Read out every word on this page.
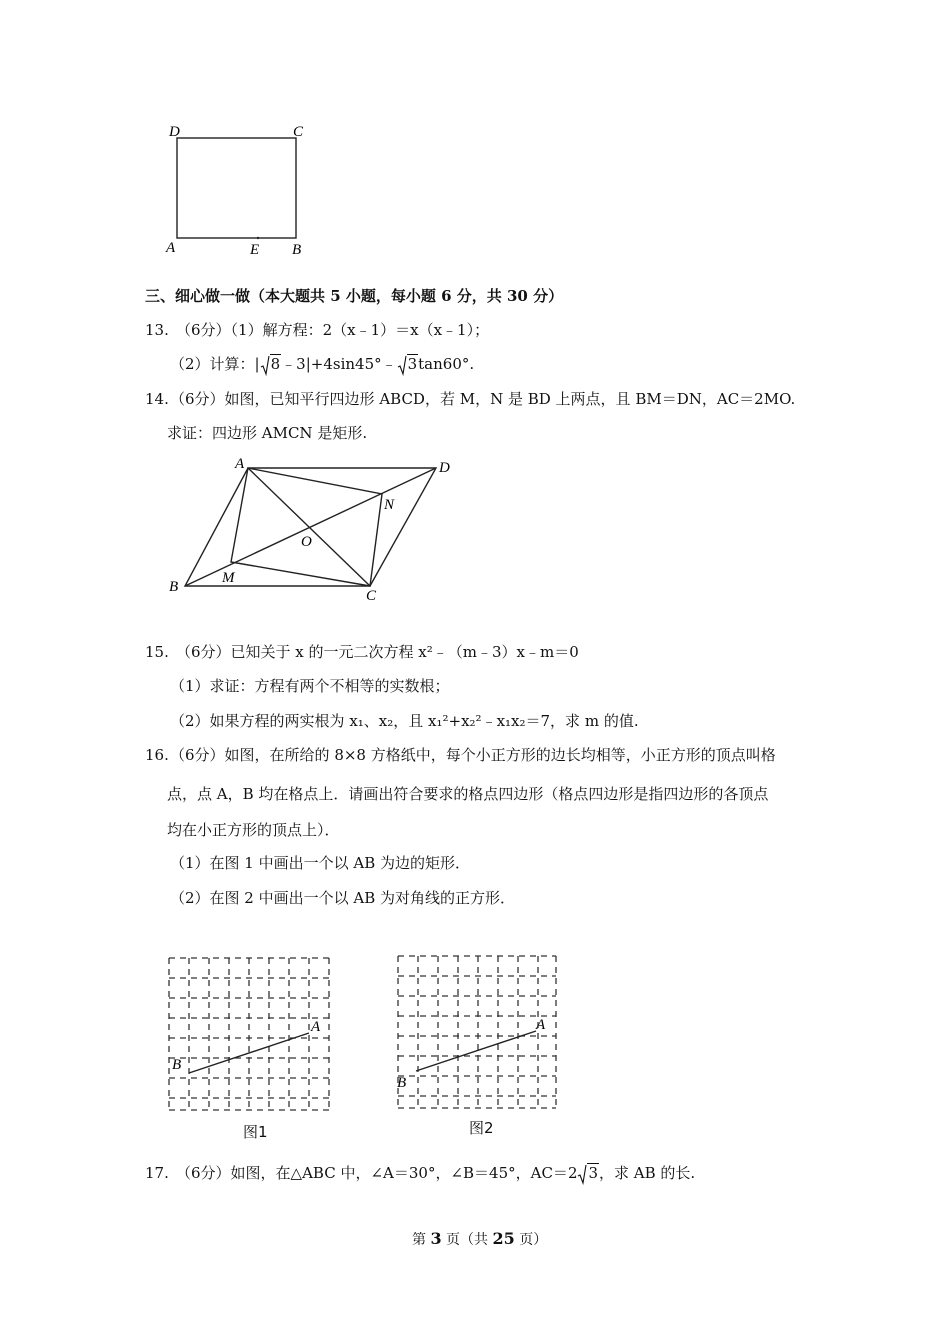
D	C
A	E B
三、细心做一做（本大题共 5 小题，每小题 6 分，共 30 分）
13. （6分）（1）解方程：2（x﹣1）＝x（x﹣1）；
（2）计算：| 8﹣3|+4sin45°﹣ 3tan60°.
14. （6分）如图，已知平行四边形 ABCD，若 M，N 是 BD 上两点，且 BM＝DN，AC＝2MO.
求证：四边形 AMCN 是矩形.
A	D
N
O
B
M
C
15. （6分）已知关于 x 的一元二次方程 x²﹣（m﹣3）x﹣m＝0
（1）求证：方程有两个不相等的实数根；
（2）如果方程的两实根为 x₁、x₂，且 x₁²+x₂²﹣x₁x₂＝7，求 m 的值.
16. （6分）如图，在所给的 8×8 方格纸中，每个小正方形的边长均相等，小正方形的顶点叫格
点，点 A，B 均在格点上．请画出符合要求的格点四边形（格点四边形是指四边形的各顶点
均在小正方形的顶点上）．
（1）在图 1 中画出一个以 AB 为边的矩形．
（2）在图 2 中画出一个以 AB 为对角线的正方形．
A
B
图1
A
B
图2
17. （6分）如图，在△ABC 中，∠A＝30°，∠B＝45°，AC＝2 3，求 AB 的长.
第 3 页（共 25 页）
